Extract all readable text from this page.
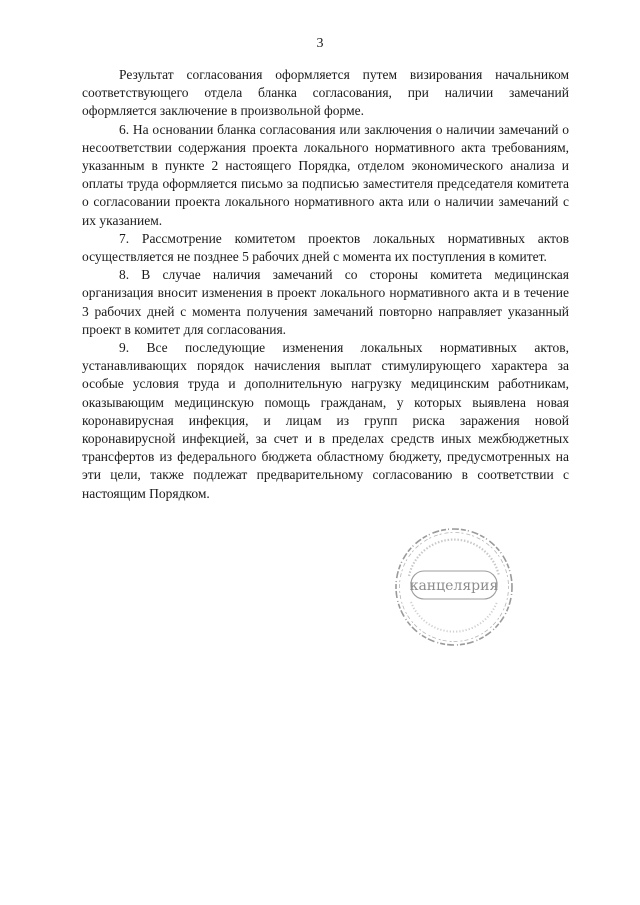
3

Результат согласования оформляется путем визирования начальником соответствующего отдела бланка согласования, при наличии замечаний оформляется заключение в произвольной форме.

6. На основании бланка согласования или заключения о наличии замечаний о несоответствии содержания проекта локального нормативного акта требованиям, указанным в пункте 2 настоящего Порядка, отделом экономического анализа и оплаты труда оформляется письмо за подписью заместителя председателя комитета о согласовании проекта локального нормативного акта или о наличии замечаний с их указанием.

7. Рассмотрение комитетом проектов локальных нормативных актов осуществляется не позднее 5 рабочих дней с момента их поступления в комитет.

8. В случае наличия замечаний со стороны комитета медицинская организация вносит изменения в проект локального нормативного акта и в течение 3 рабочих дней с момента получения замечаний повторно направляет указанный проект в комитет для согласования.

9. Все последующие изменения локальных нормативных актов, устанавливающих порядок начисления выплат стимулирующего характера за особые условия труда и дополнительную нагрузку медицинским работникам, оказывающим медицинскую помощь гражданам, у которых выявлена новая коронавирусная инфекция, и лицам из групп риска заражения новой коронавирусной инфекцией, за счет и в пределах средств иных межбюджетных трансфертов из федерального бюджета областному бюджету, предусмотренных на эти цели, также подлежат предварительному согласованию в соответствии с настоящим Порядком.

канцелярия
